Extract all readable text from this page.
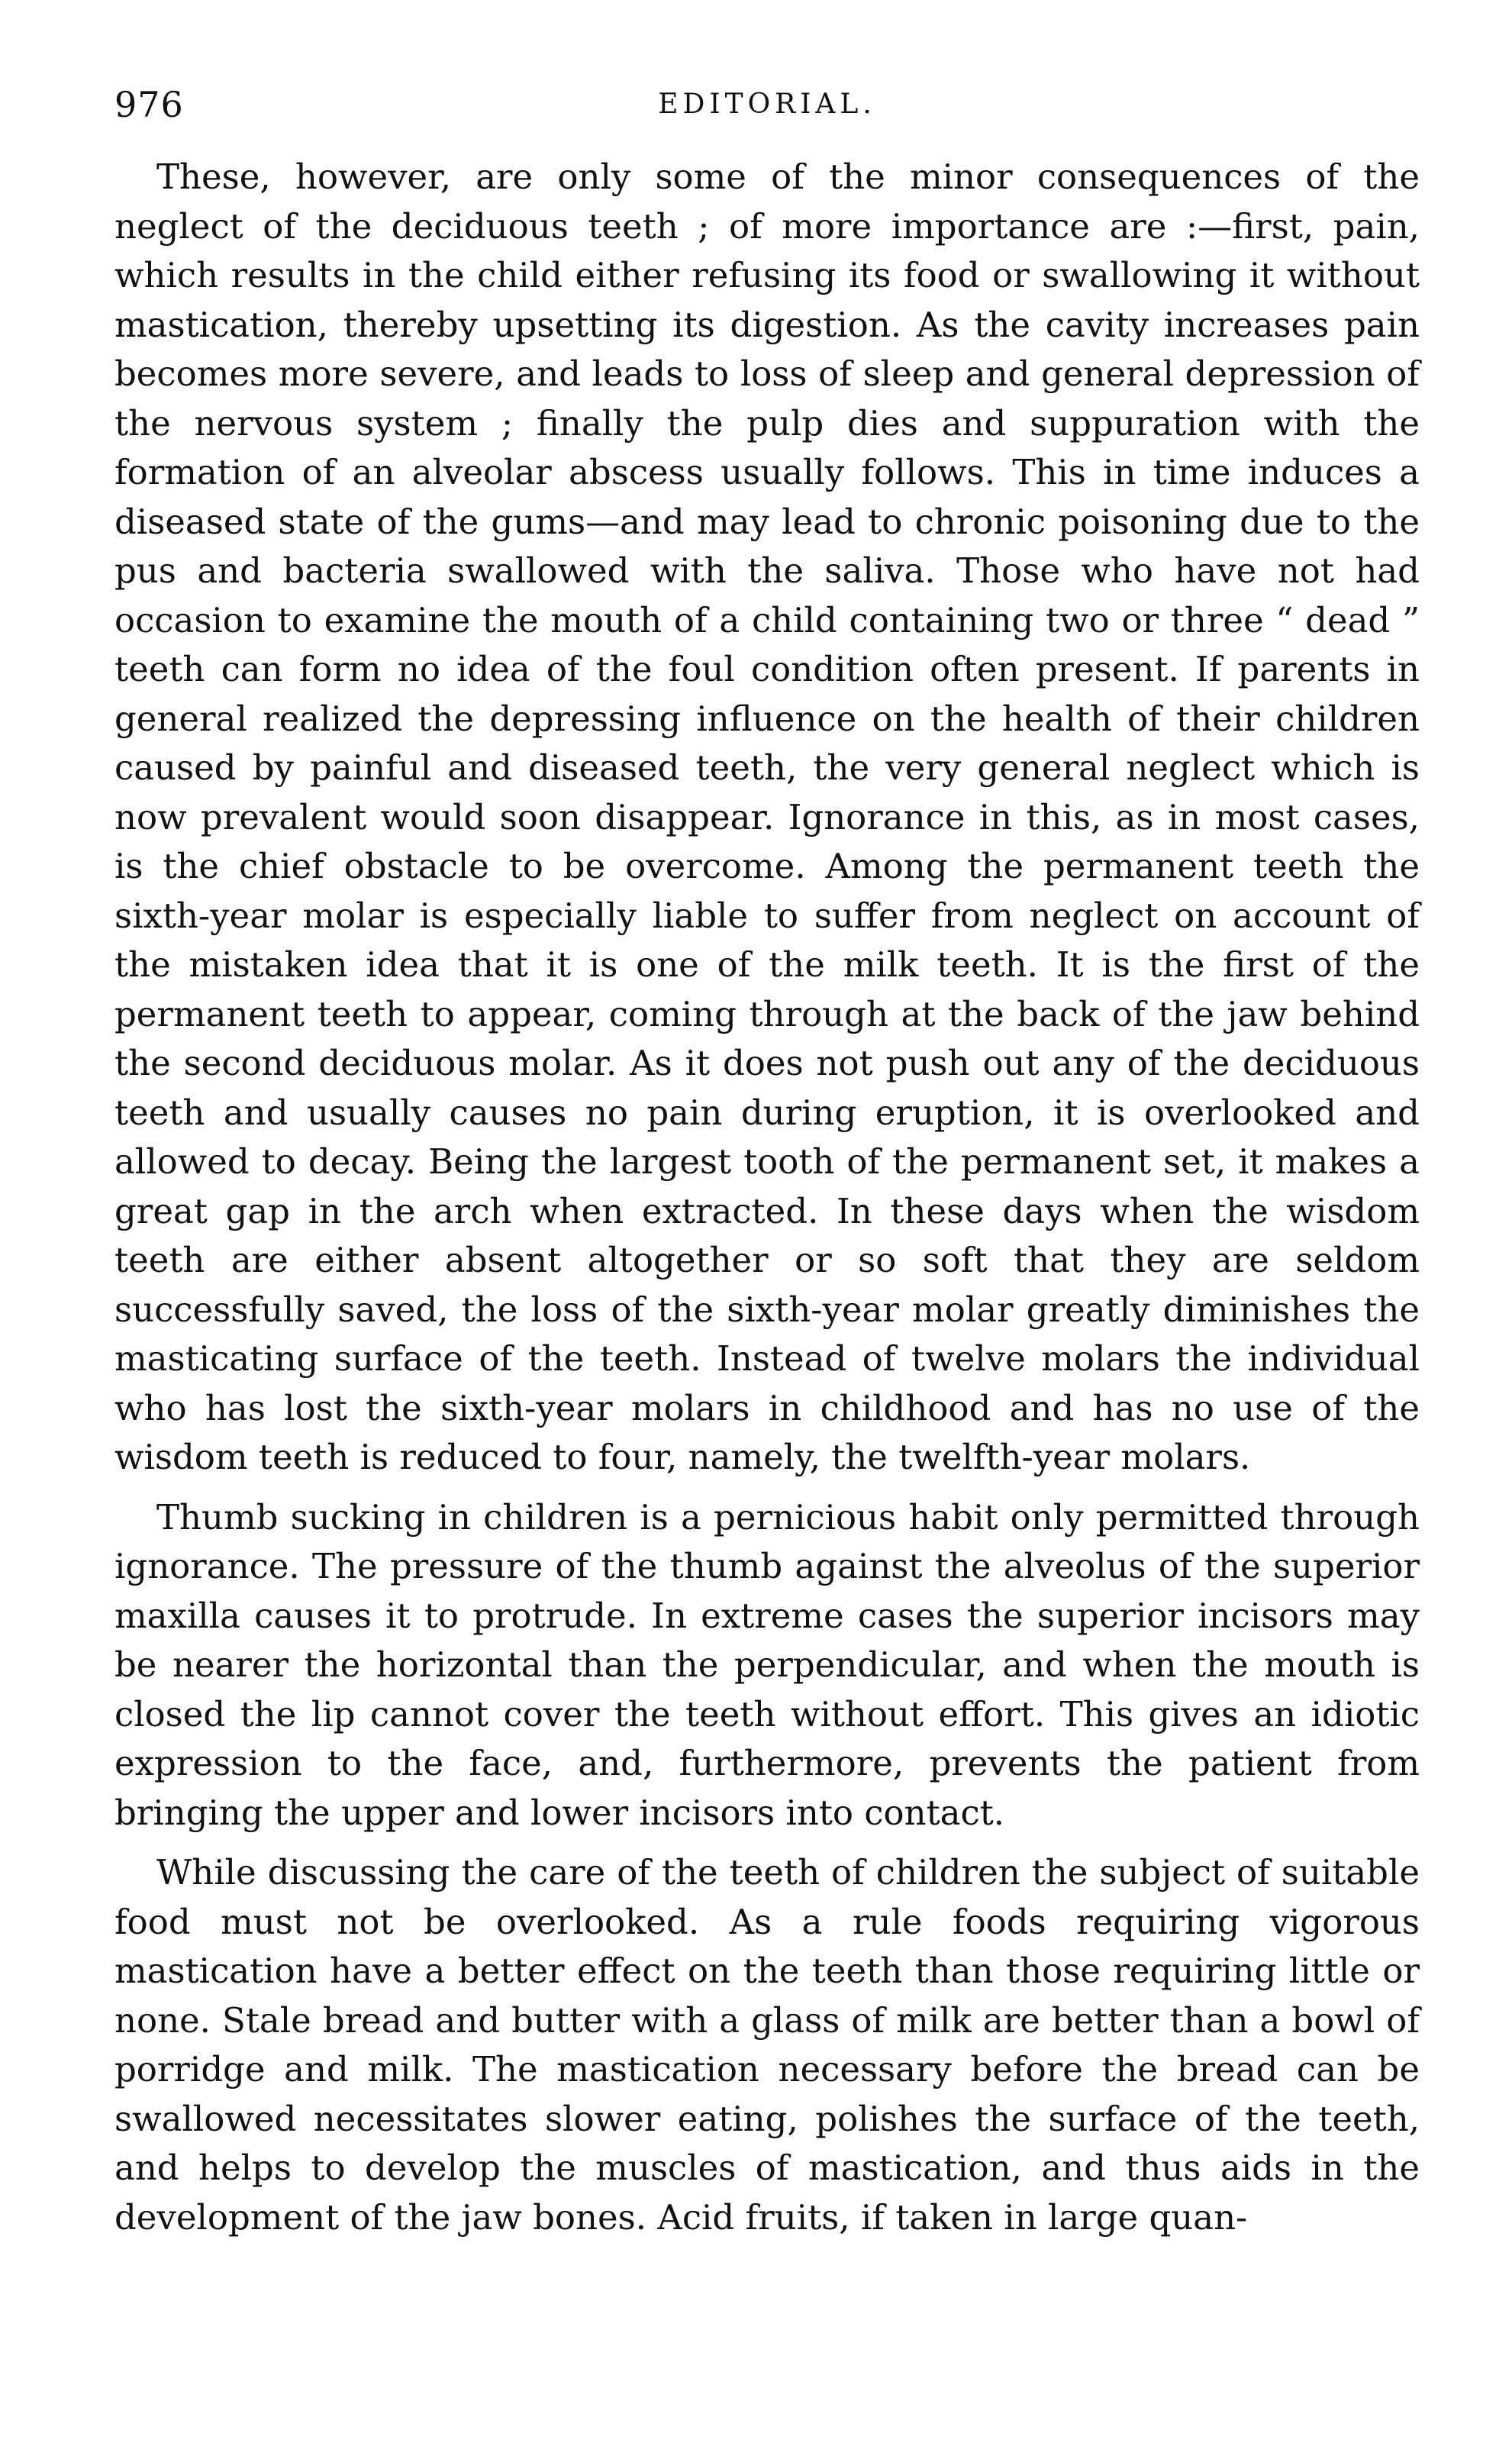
976	EDITORIAL.

These, however, are only some of the minor consequences of the neglect of the deciduous teeth ; of more importance are :—first, pain, which results in the child either refusing its food or swallowing it without mastication, thereby upsetting its digestion. As the cavity increases pain becomes more severe, and leads to loss of sleep and general depression of the nervous system ; finally the pulp dies and suppuration with the formation of an alveolar abscess usually follows. This in time induces a diseased state of the gums—and may lead to chronic poisoning due to the pus and bacteria swallowed with the saliva. Those who have not had occasion to examine the mouth of a child containing two or three “ dead ” teeth can form no idea of the foul condition often present. If parents in general realized the depressing influence on the health of their children caused by painful and diseased teeth, the very general neglect which is now prevalent would soon disappear. Ignorance in this, as in most cases, is the chief obstacle to be overcome. Among the permanent teeth the sixth-year molar is especially liable to suffer from neglect on account of the mistaken idea that it is one of the milk teeth. It is the first of the permanent teeth to appear, coming through at the back of the jaw behind the second deciduous molar. As it does not push out any of the deciduous teeth and usually causes no pain during eruption, it is overlooked and allowed to decay. Being the largest tooth of the permanent set, it makes a great gap in the arch when extracted. In these days when the wisdom teeth are either absent altogether or so soft that they are seldom successfully saved, the loss of the sixth-year molar greatly diminishes the masticating surface of the teeth. Instead of twelve molars the individual who has lost the sixth-year molars in childhood and has no use of the wisdom teeth is reduced to four, namely, the twelfth-year molars.

Thumb sucking in children is a pernicious habit only permitted through ignorance. The pressure of the thumb against the alveolus of the superior maxilla causes it to protrude. In extreme cases the superior incisors may be nearer the horizontal than the perpendicular, and when the mouth is closed the lip cannot cover the teeth without effort. This gives an idiotic expression to the face, and, furthermore, prevents the patient from bringing the upper and lower incisors into contact.

While discussing the care of the teeth of children the subject of suitable food must not be overlooked. As a rule foods requiring vigorous mastication have a better effect on the teeth than those requiring little or none. Stale bread and butter with a glass of milk are better than a bowl of porridge and milk. The mastication necessary before the bread can be swallowed necessitates slower eating, polishes the surface of the teeth, and helps to develop the muscles of mastication, and thus aids in the development of the jaw bones. Acid fruits, if taken in large quan-
